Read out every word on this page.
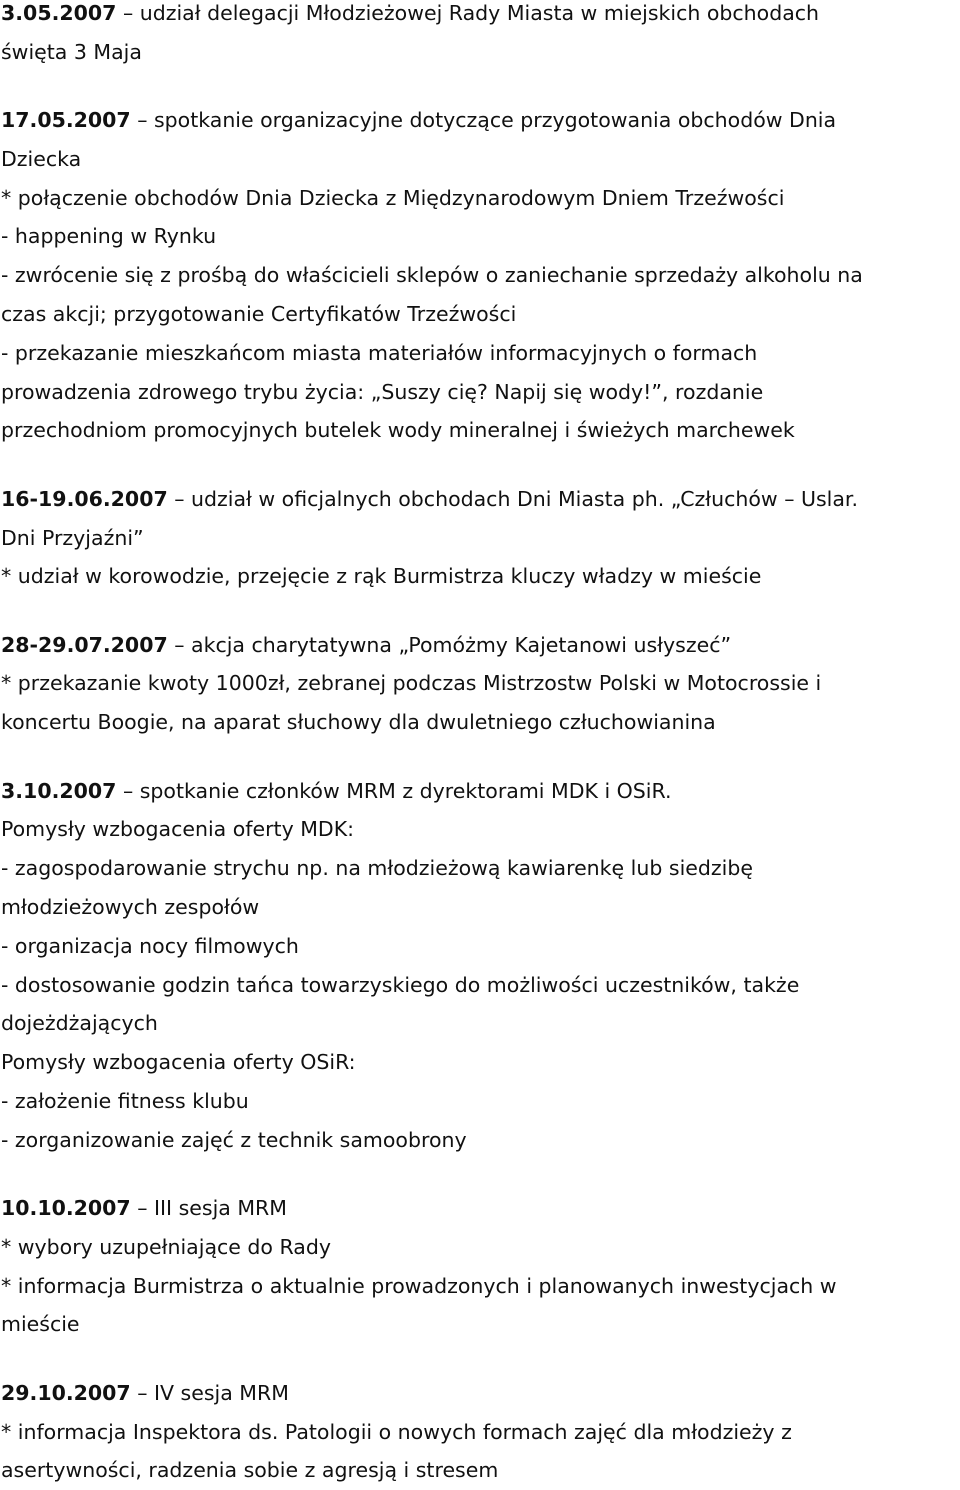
3.05.2007 – udział delegacji Młodzieżowej Rady Miasta w miejskich obchodach
święta 3 Maja
17.05.2007 – spotkanie organizacyjne dotyczące przygotowania obchodów Dnia
Dziecka
* połączenie obchodów Dnia Dziecka z Międzynarodowym Dniem Trzeźwości
- happening w Rynku
- zwrócenie się z prośbą do właścicieli sklepów o zaniechanie sprzedaży alkoholu na
czas akcji; przygotowanie Certyfikatów Trzeźwości
- przekazanie mieszkańcom miasta materiałów informacyjnych o formach
prowadzenia zdrowego trybu życia: „Suszy cię? Napij się wody!”, rozdanie
przechodniom promocyjnych butelek wody mineralnej i świeżych marchewek
16-19.06.2007 – udział w oficjalnych obchodach Dni Miasta ph. „Człuchów – Uslar.
Dni Przyjaźni”
* udział w korowodzie, przejęcie z rąk Burmistrza kluczy władzy w mieście
28-29.07.2007 – akcja charytatywna „Pomóżmy Kajetanowi usłyszeć”
* przekazanie kwoty 1000zł, zebranej podczas Mistrzostw Polski w Motocrossie i
koncertu Boogie, na aparat słuchowy dla dwuletniego człuchowianina
3.10.2007 – spotkanie członków MRM z dyrektorami MDK i OSiR.
Pomysły wzbogacenia oferty MDK:
- zagospodarowanie strychu np. na młodzieżową kawiarenkę lub siedzibę
młodzieżowych zespołów
- organizacja nocy filmowych
- dostosowanie godzin tańca towarzyskiego do możliwości uczestników, także
dojeżdżających
Pomysły wzbogacenia oferty OSiR:
- założenie fitness klubu
- zorganizowanie zajęć z technik samoobrony
10.10.2007 – III sesja MRM
* wybory uzupełniające do Rady
* informacja Burmistrza o aktualnie prowadzonych i planowanych inwestycjach w
mieście
29.10.2007 – IV sesja MRM
* informacja Inspektora ds. Patologii o nowych formach zajęć dla młodzieży z
asertywności, radzenia sobie z agresją i stresem
